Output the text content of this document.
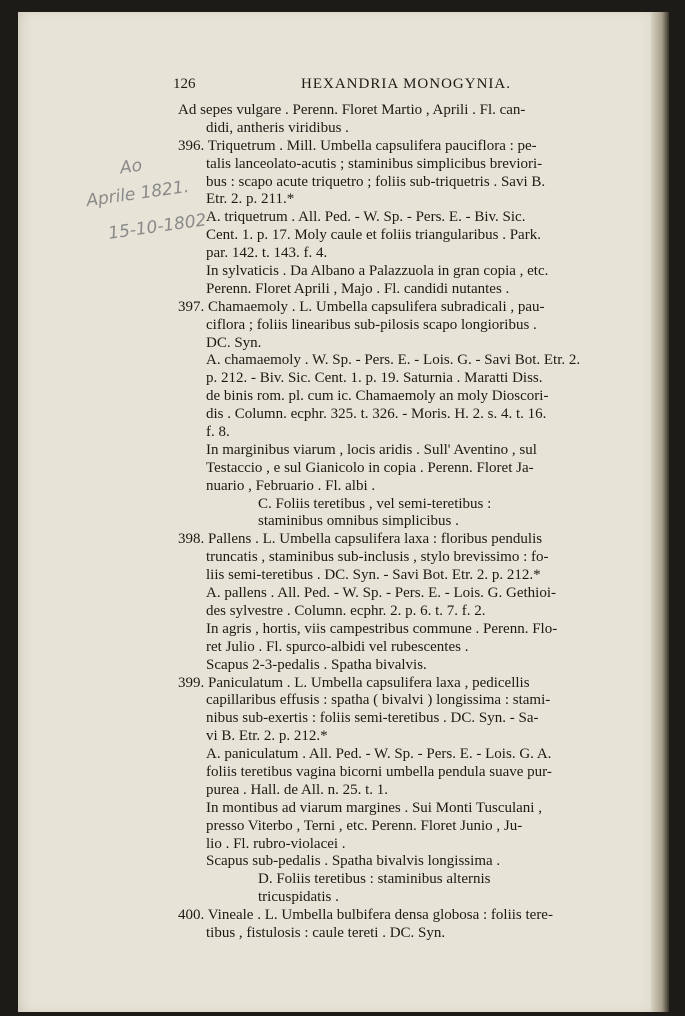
126	HEXANDRIA MONOGYNIA.
Ao
Aprile 1821.
15-10-1802
Ad sepes vulgare . Perenn. Floret Martio , Aprili . Fl. can-
didi, antheris viridibus .
396. Triquetrum . Mill. Umbella capsulifera pauciflora : pe-
talis lanceolato-acutis ; staminibus simplicibus breviori-
bus : scapo acute triquetro ; foliis sub-triquetris . Savi B.
Etr. 2. p. 211.*
A. triquetrum . All. Ped. - W. Sp. - Pers. E. - Biv. Sic.
Cent. 1. p. 17. Moly caule et foliis triangularibus . Park.
par. 142. t. 143. f. 4.
In sylvaticis . Da Albano a Palazzuola in gran copia , etc.
Perenn. Floret Aprili , Majo . Fl. candidi nutantes .
397. Chamaemoly . L. Umbella capsulifera subradicali , pau-
ciflora ; foliis linearibus sub-pilosis scapo longioribus .
DC. Syn.
A. chamaemoly . W. Sp. - Pers. E. - Lois. G. - Savi Bot. Etr. 2.
p. 212. - Biv. Sic. Cent. 1. p. 19. Saturnia . Maratti Diss.
de binis rom. pl. cum ic. Chamaemoly an moly Dioscori-
dis . Column. ecphr. 325. t. 326. - Moris. H. 2. s. 4. t. 16.
f. 8.
In marginibus viarum , locis aridis . Sull' Aventino , sul
Testaccio , e sul Gianicolo in copia . Perenn. Floret Ja-
nuario , Februario . Fl. albi .
C. Foliis teretibus , vel semi-teretibus :
staminibus omnibus simplicibus .
398. Pallens . L. Umbella capsulifera laxa : floribus pendulis
truncatis , staminibus sub-inclusis , stylo brevissimo : fo-
liis semi-teretibus . DC. Syn. - Savi Bot. Etr. 2. p. 212.*
A. pallens . All. Ped. - W. Sp. - Pers. E. - Lois. G. Gethioi-
des sylvestre . Column. ecphr. 2. p. 6. t. 7. f. 2.
In agris , hortis, viis campestribus commune . Perenn. Flo-
ret Julio . Fl. spurco-albidi vel rubescentes .
Scapus 2-3-pedalis . Spatha bivalvis.
399. Paniculatum . L. Umbella capsulifera laxa , pedicellis
capillaribus effusis : spatha ( bivalvi ) longissima : stami-
nibus sub-exertis : foliis semi-teretibus . DC. Syn. - Sa-
vi B. Etr. 2. p. 212.*
A. paniculatum . All. Ped. - W. Sp. - Pers. E. - Lois. G. A.
foliis teretibus vagina bicorni umbella pendula suave pur-
purea . Hall. de All. n. 25. t. 1.
In montibus ad viarum margines . Sui Monti Tusculani ,
presso Viterbo , Terni , etc. Perenn. Floret Junio , Ju-
lio . Fl. rubro-violacei .
Scapus sub-pedalis . Spatha bivalvis longissima .
D. Foliis teretibus : staminibus alternis
tricuspidatis .
400. Vineale . L. Umbella bulbifera densa globosa : foliis tere-
tibus , fistulosis : caule tereti . DC. Syn.
